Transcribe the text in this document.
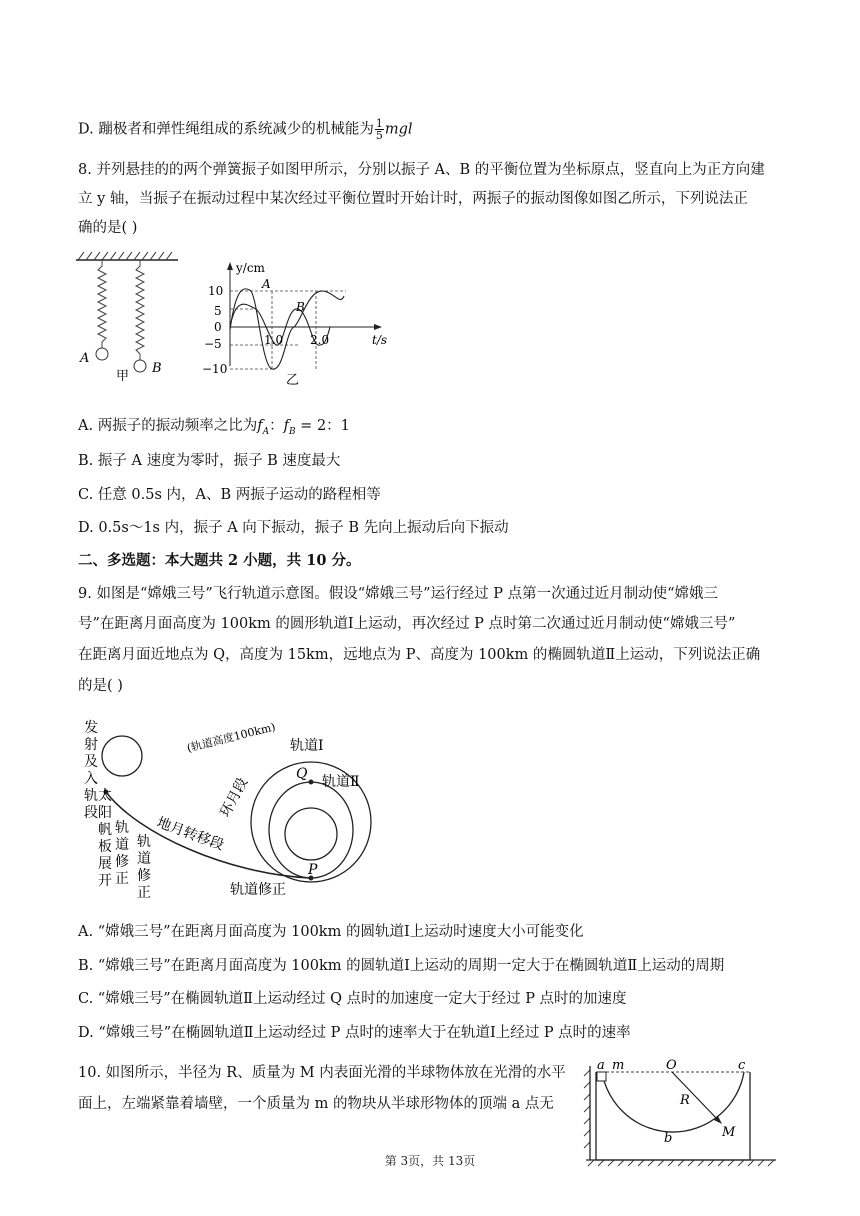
D. 蹦极者和弹性绳组成的系统减少的机械能为 $\frac{1}{5}$ mgl
8. 并列悬挂的的两个弹簧振子如图甲所示，分别以振子 A、B 的平衡位置为坐标原点，竖直向上为正方向建
立 y 轴，当振子在振动过程中某次经过平衡位置时开始计时，两振子的振动图像如图乙所示，下列说法正
确的是( )
A
B
甲
y/cm
t/s
10
5
0
−5
−10
A
B
1.0 2.0
乙
A. 两振子的振动频率之比为$f_A$：$f_B = 2$：1
B. 振子 A 速度为零时，振子 B 速度最大
C. 任意 0.5s 内，A、B 两振子运动的路程相等
D. 0.5s～1s 内，振子 A 向下振动，振子 B 先向上振动后向下振动
二、多选题：本大题共 2 小题，共 10 分。
9. 如图是“嫦娥三号”飞行轨道示意图。假设“嫦娥三号”运行经过 P 点第一次通过近月制动使“嫦娥三
号”在距离月面高度为 100km 的圆形轨道Ⅰ上运动，再次经过 P 点时第二次通过近月制动使“嫦娥三号”
在距离月面近地点为 Q，高度为 15km，远地点为 P、高度为 100km 的椭圆轨道Ⅱ上运动，下列说法正确
的是( )
发射及入轨段
太阳帆板展开
轨道修正
轨道修正
地月转移段
环月段
(轨道高度100km) 轨道Ⅰ
轨道Ⅱ
Q
P
轨道修正
A. “嫦娥三号”在距离月面高度为 100km 的圆轨道Ⅰ上运动时速度大小可能变化
B. “嫦娥三号”在距离月面高度为 100km 的圆轨道Ⅰ上运动的周期一定大于在椭圆轨道Ⅱ上运动的周期
C. “嫦娥三号”在椭圆轨道Ⅱ上运动经过 Q 点时的加速度一定大于经过 P 点时的加速度
D. “嫦娥三号”在椭圆轨道Ⅱ上运动经过 P 点时的速率大于在轨道Ⅰ上经过 P 点时的速率
10. 如图所示，半径为 R、质量为 M 内表面光滑的半球物体放在光滑的水平
面上，左端紧靠着墙壁，一个质量为 m 的物块从半球形物体的顶端 a 点无
a m	O	c
R
b	M
第 3页，共 13页
